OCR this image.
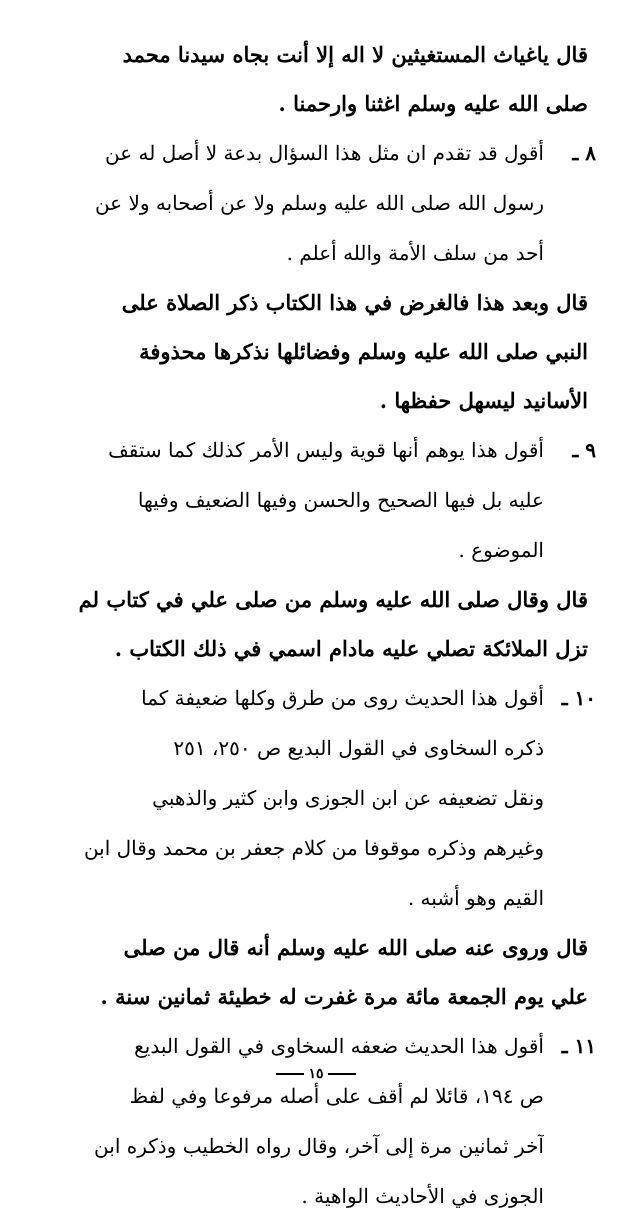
قال ياغياث المستغيثين لا اله إلا أنت بجاه سيدنا محمد
صلى الله عليه وسلم اغثنا وارحمنا .
٨ ـ
أقول قد تقدم ان مثل هذا السؤال بدعة لا أصل له عن
رسول الله صلى الله عليه وسلم ولا عن أصحابه ولا عن
أحد من سلف الأمة والله أعلم .
قال وبعد هذا فالغرض في هذا الكتاب ذكر الصلاة على
النبي صلى الله عليه وسلم وفضائلها نذكرها محذوفة
الأسانيد ليسهل حفظها .
٩ ـ
أقول هذا يوهم أنها قوية وليس الأمر كذلك كما ستقف
عليه بل فيها الصحيح والحسن وفيها الضعيف وفيها
الموضوع .
قال وقال صلى الله عليه وسلم من صلى علي في كتاب لم
تزل الملائكة تصلي عليه مادام اسمي في ذلك الكتاب .
١٠ ـ
أقول هذا الحديث روى من طرق وكلها ضعيفة كما
ذكره السخاوى في القول البديع ص ٢٥٠، ٢٥١
ونقل تضعيفه عن ابن الجوزى وابن كثير والذهبي
وغيرهم وذكره موقوفا من كلام جعفر بن محمد وقال ابن
القيم وهو أشبه .
قال وروى عنه صلى الله عليه وسلم أنه قال من صلى
علي يوم الجمعة مائة مرة غفرت له خطيئة ثمانين سنة .
١١ ـ
أقول هذا الحديث ضعفه السخاوى في القول البديع
ص ١٩٤، قائلا لم أقف على أصله مرفوعا وفي لفظ
آخر ثمانين مرة إلى آخر، وقال رواه الخطيب وذكره ابن
الجوزى في الأحاديث الواهية .
١٥
